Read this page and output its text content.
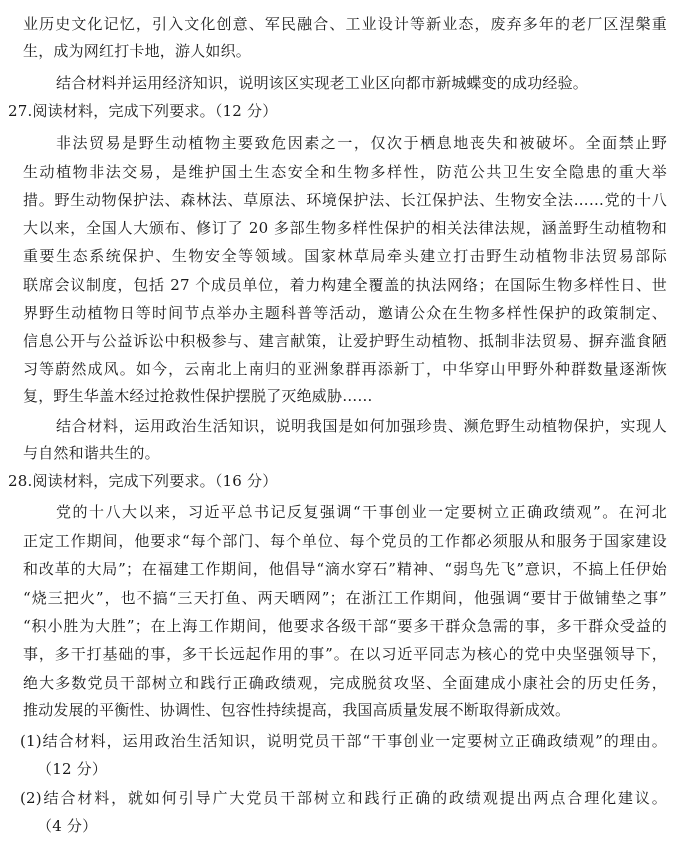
业历史文化记忆，引入文化创意、军民融合、工业设计等新业态，废弃多年的老厂区涅槃重

生，成为网红打卡地，游人如织。

结合材料并运用经济知识，说明该区实现老工业区向都市新城蝶变的成功经验。

27.阅读材料，完成下列要求。（12 分）

非法贸易是野生动植物主要致危因素之一，仅次于栖息地丧失和被破坏。全面禁止野

生动植物非法交易，是维护国土生态安全和生物多样性，防范公共卫生安全隐患的重大举

措。野生动物保护法、森林法、草原法、环境保护法、长江保护法、生物安全法……党的十八

大以来，全国人大颁布、修订了 20 多部生物多样性保护的相关法律法规，涵盖野生动植物和

重要生态系统保护、生物安全等领域。国家林草局牵头建立打击野生动植物非法贸易部际

联席会议制度，包括 27 个成员单位，着力构建全覆盖的执法网络；在国际生物多样性日、世

界野生动植物日等时间节点举办主题科普等活动，邀请公众在生物多样性保护的政策制定、

信息公开与公益诉讼中积极参与、建言献策，让爱护野生动植物、抵制非法贸易、摒弃滥食陋

习等蔚然成风。如今，云南北上南归的亚洲象群再添新丁，中华穿山甲野外种群数量逐渐恢

复，野生华盖木经过抢救性保护摆脱了灭绝威胁……

结合材料，运用政治生活知识，说明我国是如何加强珍贵、濒危野生动植物保护，实现人

与自然和谐共生的。

28.阅读材料，完成下列要求。（16 分）

党的十八大以来，习近平总书记反复强调“干事创业一定要树立正确政绩观”。在河北

正定工作期间，他要求“每个部门、每个单位、每个党员的工作都必须服从和服务于国家建设

和改革的大局”；在福建工作期间，他倡导“滴水穿石”精神、“弱鸟先飞”意识，不搞上任伊始

“烧三把火”，也不搞“三天打鱼、两天晒网”；在浙江工作期间，他强调“要甘于做铺垫之事”

“积小胜为大胜”；在上海工作期间，他要求各级干部“要多干群众急需的事，多干群众受益的

事，多干打基础的事，多干长远起作用的事”。在以习近平同志为核心的党中央坚强领导下，

绝大多数党员干部树立和践行正确政绩观，完成脱贫攻坚、全面建成小康社会的历史任务，

推动发展的平衡性、协调性、包容性持续提高，我国高质量发展不断取得新成效。

(1)结合材料，运用政治生活知识，说明党员干部“干事创业一定要树立正确政绩观”的理由。

（12 分）

(2)结合材料，就如何引导广大党员干部树立和践行正确的政绩观提出两点合理化建议。

（4 分）
